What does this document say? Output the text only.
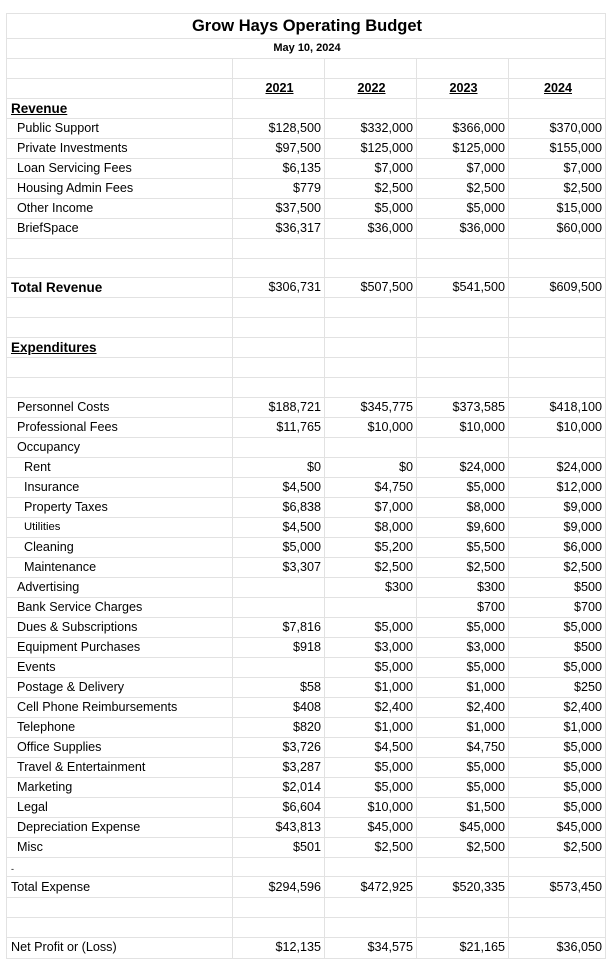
Grow Hays Operating Budget				
May 10, 2024				

	2021	2022	2023	2024
Revenue				
Public Support	$128,500	$332,000	$366,000	$370,000
Private Investments	$97,500	$125,000	$125,000	$155,000
Loan Servicing Fees	$6,135	$7,000	$7,000	$7,000
Housing Admin Fees	$779	$2,500	$2,500	$2,500
Other Income	$37,500	$5,000	$5,000	$15,000
BriefSpace	$36,317	$36,000	$36,000	$60,000

Total Revenue	$306,731	$507,500	$541,500	$609,500

Expenditures				

Personnel Costs	$188,721	$345,775	$373,585	$418,100
Professional Fees	$11,765	$10,000	$10,000	$10,000
Occupancy				
Rent	$0	$0	$24,000	$24,000
Insurance	$4,500	$4,750	$5,000	$12,000
Property Taxes	$6,838	$7,000	$8,000	$9,000
Utilities	$4,500	$8,000	$9,600	$9,000
Cleaning	$5,000	$5,200	$5,500	$6,000
Maintenance	$3,307	$2,500	$2,500	$2,500
Advertising		$300	$300	$500
Bank Service Charges			$700	$700
Dues & Subscriptions	$7,816	$5,000	$5,000	$5,000
Equipment Purchases	$918	$3,000	$3,000	$500
Events		$5,000	$5,000	$5,000
Postage & Delivery	$58	$1,000	$1,000	$250
Cell Phone Reimbursements	$408	$2,400	$2,400	$2,400
Telephone	$820	$1,000	$1,000	$1,000
Office Supplies	$3,726	$4,500	$4,750	$5,000
Travel & Entertainment	$3,287	$5,000	$5,000	$5,000
Marketing	$2,014	$5,000	$5,000	$5,000
Legal	$6,604	$10,000	$1,500	$5,000
Depreciation Expense	$43,813	$45,000	$45,000	$45,000
Misc	$501	$2,500	$2,500	$2,500
-				
Total Expense	$294,596	$472,925	$520,335	$573,450

Net Profit or (Loss)	$12,135	$34,575	$21,165	$36,050
